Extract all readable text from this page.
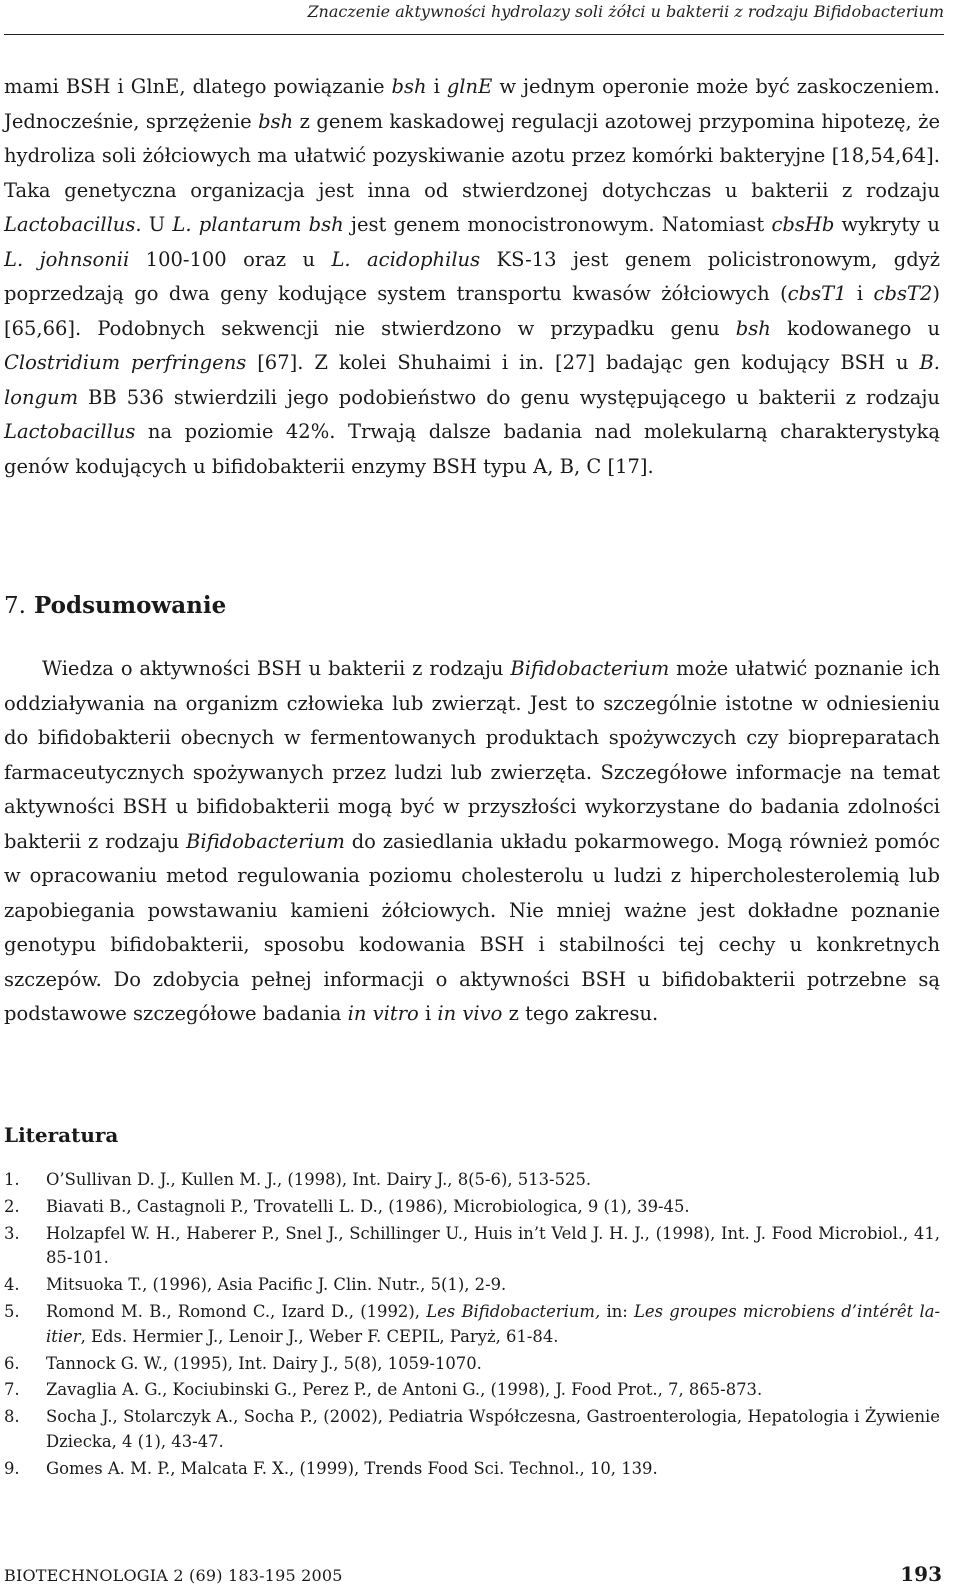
Znaczenie aktywności hydrolazy soli żółci u bakterii z rodzaju Bifidobacterium

mami BSH i GlnE, dlatego powiązanie bsh i glnE w jednym operonie może być zaskoczeniem. Jednocześnie, sprzężenie bsh z genem kaskadowej regulacji azotowej przypomina hipotezę, że hydroliza soli żółciowych ma ułatwić pozyskiwanie azotu przez komórki bakteryjne [18,54,64]. Taka genetyczna organizacja jest inna od stwierdzonej dotychczas u bakterii z rodzaju Lactobacillus. U L. plantarum bsh jest genem monocistronowym. Natomiast cbsHb wykryty u L. johnsonii 100-100 oraz u L. acidophilus KS-13 jest genem policistronowym, gdyż poprzedzają go dwa geny kodujące system transportu kwasów żółciowych (cbsT1 i cbsT2) [65,66]. Podobnych sekwencji nie stwierdzono w przypadku genu bsh kodowanego u Clostridium perfringens [67]. Z kolei Shuhaimi i in. [27] badając gen kodujący BSH u B. longum BB 536 stwierdzili jego podobieństwo do genu występującego u bakterii z rodzaju Lactobacillus na poziomie 42%. Trwają dalsze badania nad molekularną charakterystyką genów kodujących u bifidobakterii enzymy BSH typu A, B, C [17].

7. Podsumowanie

Wiedza o aktywności BSH u bakterii z rodzaju Bifidobacterium może ułatwić poznanie ich oddziaływania na organizm człowieka lub zwierząt. Jest to szczególnie istotne w odniesieniu do bifidobakterii obecnych w fermentowanych produktach spożywczych czy biopreparatach farmaceutycznych spożywanych przez ludzi lub zwierzęta. Szczegółowe informacje na temat aktywności BSH u bifidobakterii mogą być w przyszłości wykorzystane do badania zdolności bakterii z rodzaju Bifidobacterium do zasiedlania układu pokarmowego. Mogą również pomóc w opracowaniu metod regulowania poziomu cholesterolu u ludzi z hipercholesterolemią lub zapobiegania powstawaniu kamieni żółciowych. Nie mniej ważne jest dokładne poznanie genotypu bifidobakterii, sposobu kodowania BSH i stabilności tej cechy u konkretnych szczepów. Do zdobycia pełnej informacji o aktywności BSH u bifidobakterii potrzebne są podstawowe szczegółowe badania in vitro i in vivo z tego zakresu.

Literatura
1. O’Sullivan D. J., Kullen M. J., (1998), Int. Dairy J., 8(5-6), 513-525.
2. Biavati B., Castagnoli P., Trovatelli L. D., (1986), Microbiologica, 9 (1), 39-45.
3. Holzapfel W. H., Haberer P., Snel J., Schillinger U., Huis in’t Veld J. H. J., (1998), Int. J. Food Microbiol., 41, 85-101.
4. Mitsuoka T., (1996), Asia Pacific J. Clin. Nutr., 5(1), 2-9.
5. Romond M. B., Romond C., Izard D., (1992), Les Bifidobacterium, in: Les groupes microbiens d’intérêt laitier, Eds. Hermier J., Lenoir J., Weber F. CEPIL, Paryż, 61-84.
6. Tannock G. W., (1995), Int. Dairy J., 5(8), 1059-1070.
7. Zavaglia A. G., Kociubinski G., Perez P., de Antoni G., (1998), J. Food Prot., 7, 865-873.
8. Socha J., Stolarczyk A., Socha P., (2002), Pediatria Współczesna, Gastroenterologia, Hepatologia i Żywienie Dziecka, 4 (1), 43-47.
9. Gomes A. M. P., Malcata F. X., (1999), Trends Food Sci. Technol., 10, 139.
BIOTECHNOLOGIA 2 (69) 183-195 2005	193
